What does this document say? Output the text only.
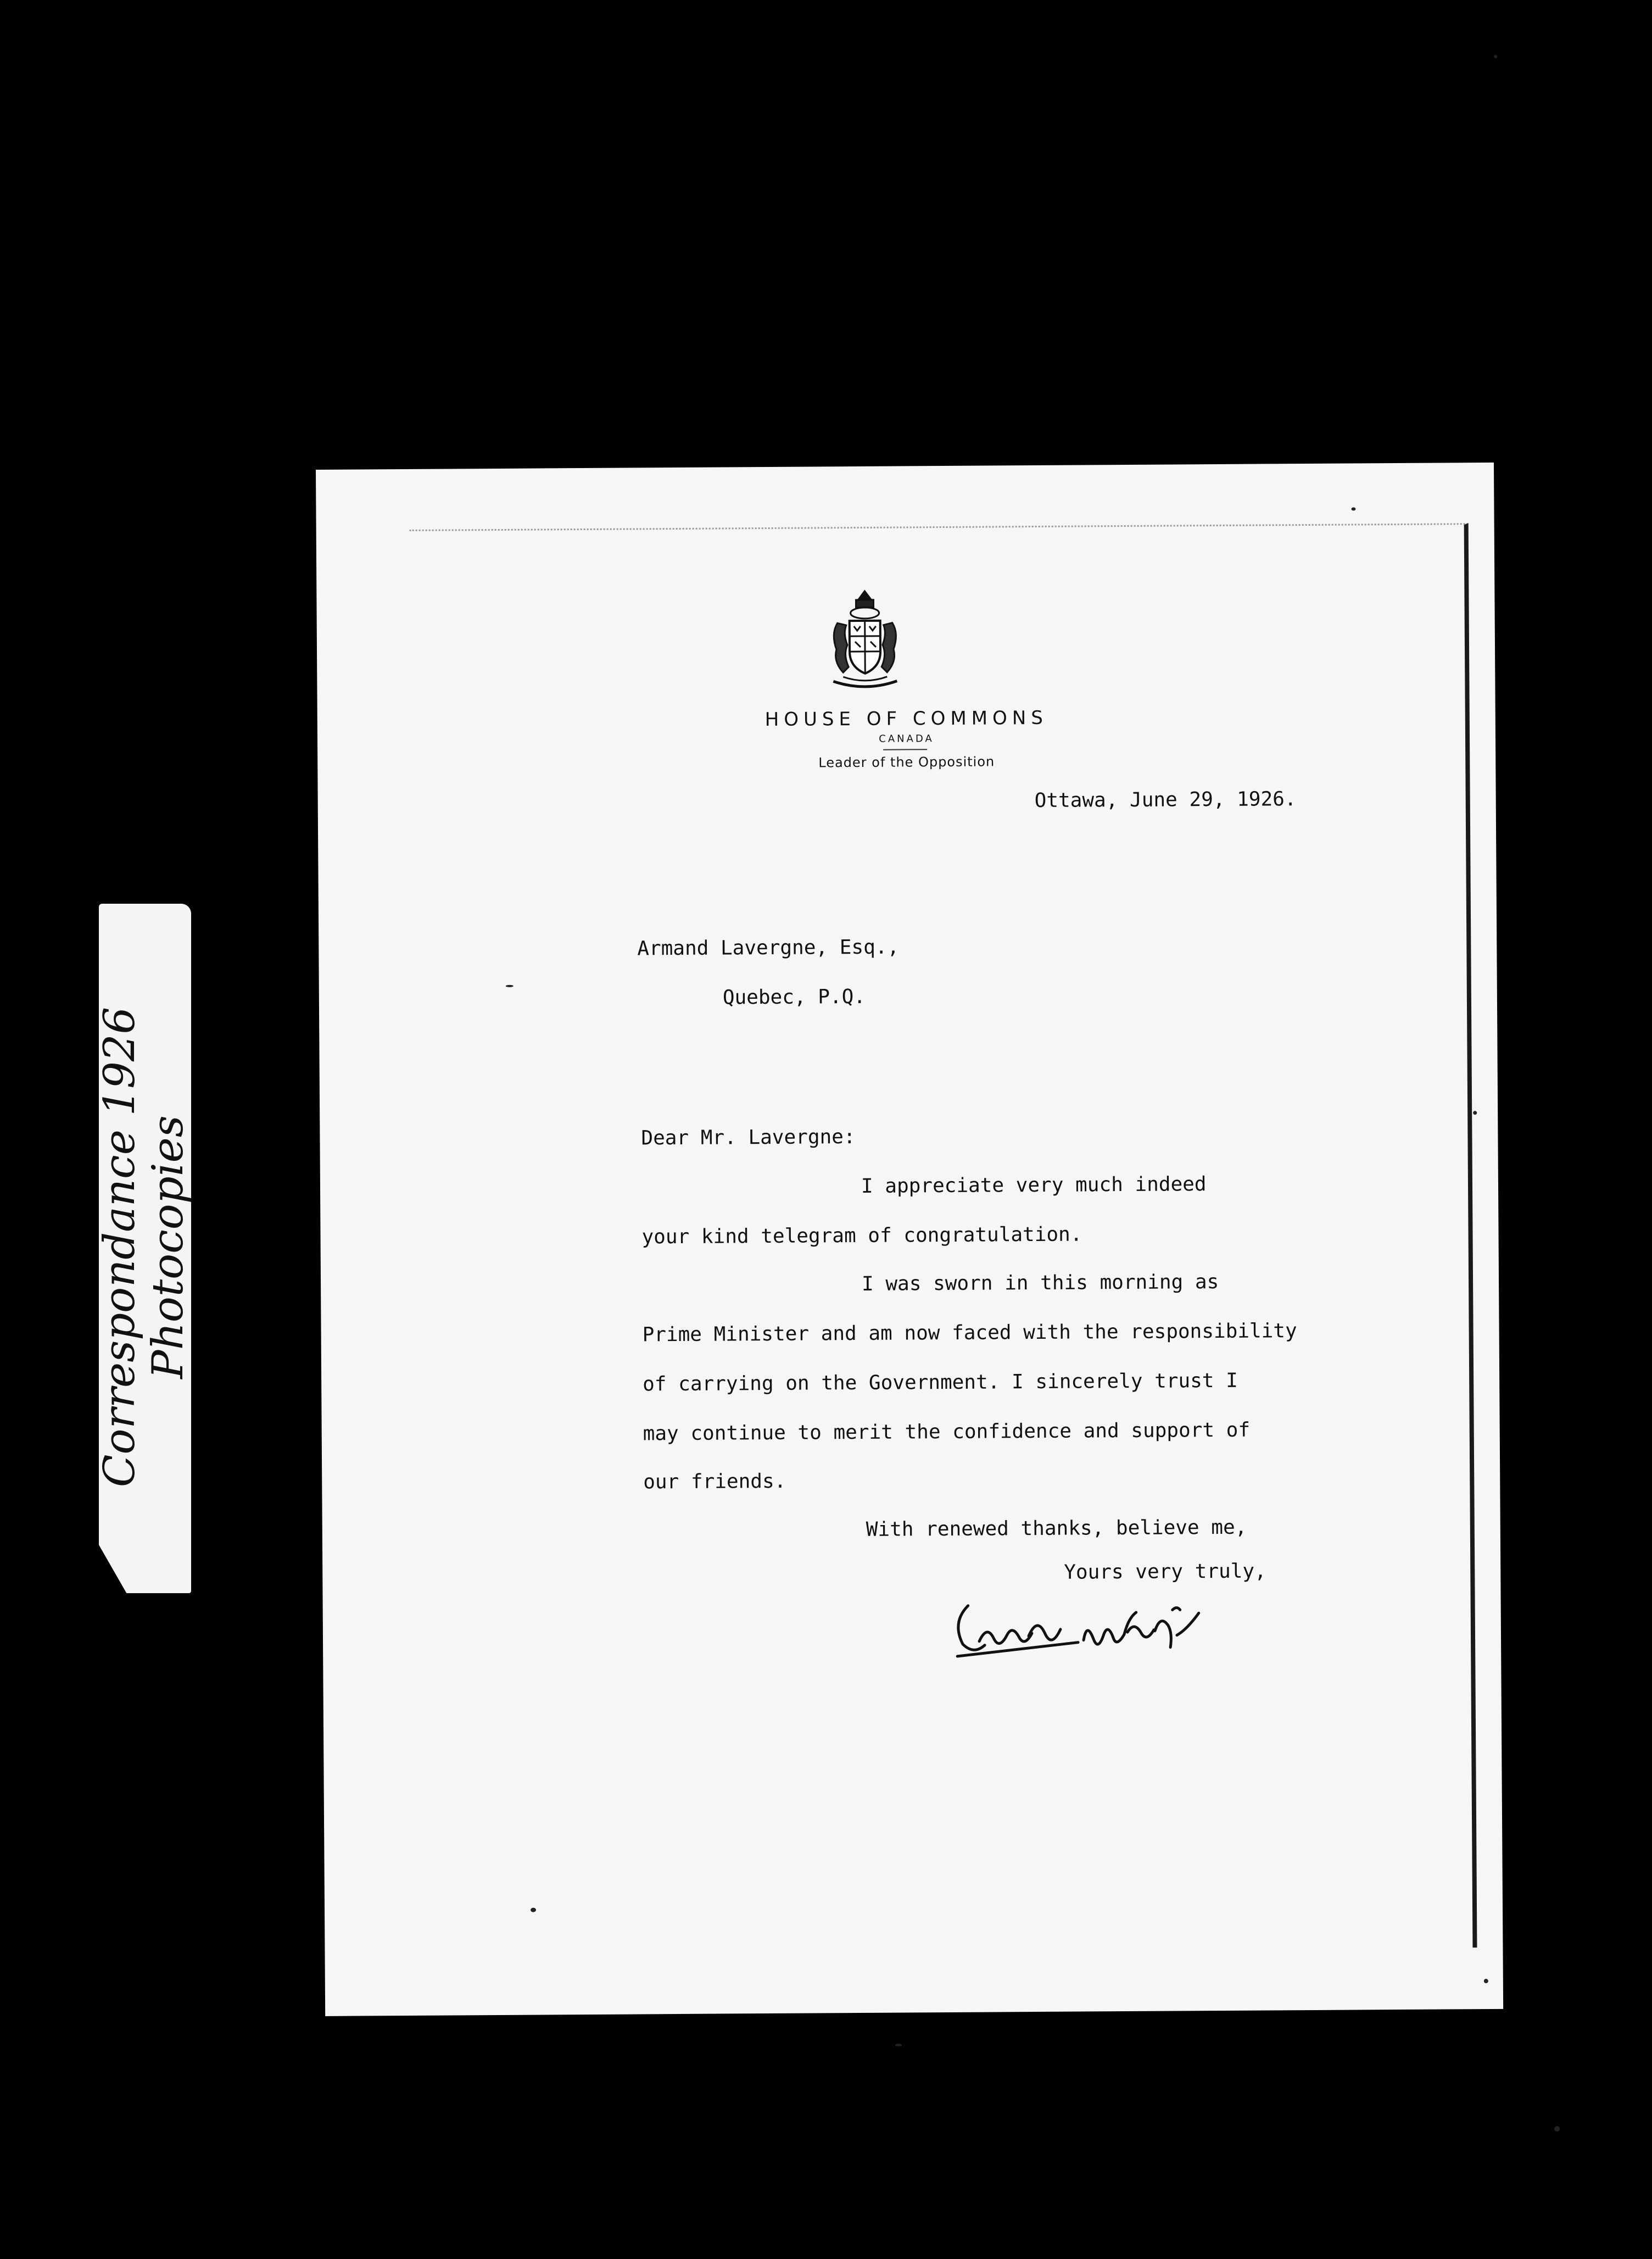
Correspondance 1926
Photocopies
HOUSE OF COMMONS
CANADA
Leader of the Opposition
Ottawa, June 29, 1926.
Armand Lavergne, Esq.,
Quebec, P.Q.
Dear Mr. Lavergne:
I appreciate very much indeed
your kind telegram of congratulation.
I was sworn in this morning as
Prime Minister and am now faced with the responsibility
of carrying on the Government. I sincerely trust I
may continue to merit the confidence and support of
our friends.
With renewed thanks, believe me,
Yours very truly,
